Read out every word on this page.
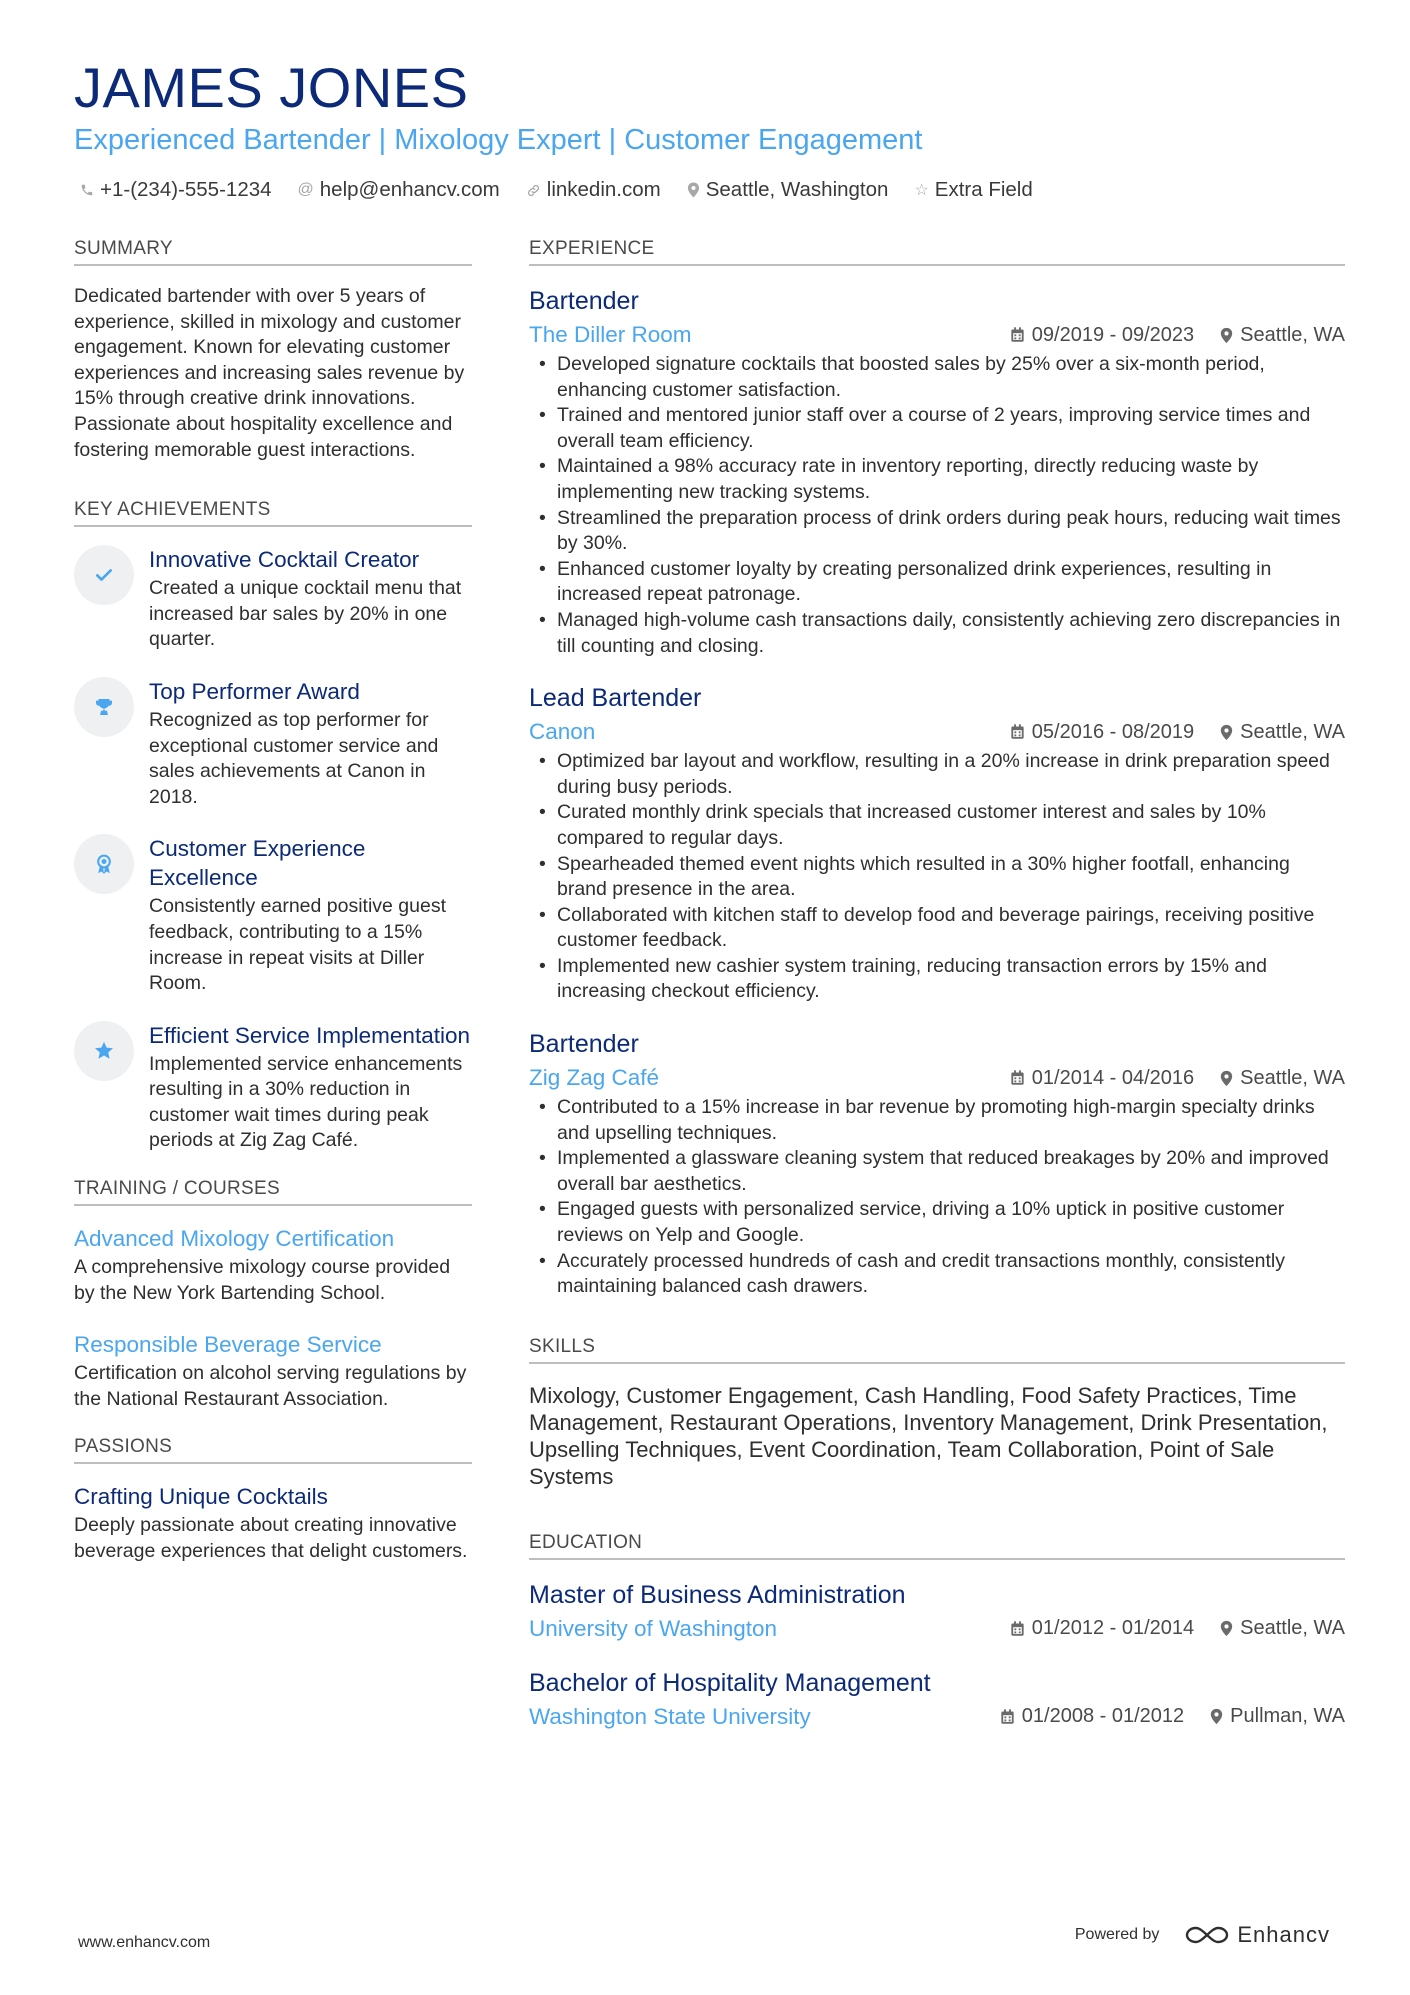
JAMES JONES
Experienced Bartender | Mixology Expert | Customer Engagement
+1-(234)-555-1234 @ help@enhancv.com linkedin.com Seattle, Washington ☆ Extra Field
SUMMARY

Dedicated bartender with over 5 years of experience, skilled in mixology and customer engagement. Known for elevating customer experiences and increasing sales revenue by 15% through creative drink innovations. Passionate about hospitality excellence and fostering memorable guest interactions.

KEY ACHIEVEMENTS
Innovative Cocktail Creator

Created a unique cocktail menu that increased bar sales by 20% in one quarter.

Top Performer Award

Recognized as top performer for exceptional customer service and sales achievements at Canon in 2018.

Customer Experience Excellence

Consistently earned positive guest feedback, contributing to a 15% increase in repeat visits at Diller Room.

Efficient Service Implementation

Implemented service enhancements resulting in a 30% reduction in customer wait times during peak periods at Zig Zag Café.

TRAINING / COURSES
Advanced Mixology Certification

A comprehensive mixology course provided by the New York Bartending School.

Responsible Beverage Service

Certification on alcohol serving regulations by the National Restaurant Association.

PASSIONS
Crafting Unique Cocktails

Deeply passionate about creating innovative beverage experiences that delight customers.

EXPERIENCE
Bartender
The Diller Room	09/2019 - 09/2023 Seattle, WA
• Developed signature cocktails that boosted sales by 25% over a six-month period, enhancing customer satisfaction.
• Trained and mentored junior staff over a course of 2 years, improving service times and overall team efficiency.
• Maintained a 98% accuracy rate in inventory reporting, directly reducing waste by implementing new tracking systems.
• Streamlined the preparation process of drink orders during peak hours, reducing wait times by 30%.
• Enhanced customer loyalty by creating personalized drink experiences, resulting in increased repeat patronage.
• Managed high-volume cash transactions daily, consistently achieving zero discrepancies in till counting and closing.
Lead Bartender
Canon	05/2016 - 08/2019 Seattle, WA
• Optimized bar layout and workflow, resulting in a 20% increase in drink preparation speed during busy periods.
• Curated monthly drink specials that increased customer interest and sales by 10% compared to regular days.
• Spearheaded themed event nights which resulted in a 30% higher footfall, enhancing brand presence in the area.
• Collaborated with kitchen staff to develop food and beverage pairings, receiving positive customer feedback.
• Implemented new cashier system training, reducing transaction errors by 15% and increasing checkout efficiency.
Bartender
Zig Zag Café	01/2014 - 04/2016 Seattle, WA
• Contributed to a 15% increase in bar revenue by promoting high-margin specialty drinks and upselling techniques.
• Implemented a glassware cleaning system that reduced breakages by 20% and improved overall bar aesthetics.
• Engaged guests with personalized service, driving a 10% uptick in positive customer reviews on Yelp and Google.
• Accurately processed hundreds of cash and credit transactions monthly, consistently maintaining balanced cash drawers.
SKILLS

Mixology, Customer Engagement, Cash Handling, Food Safety Practices, Time Management, Restaurant Operations, Inventory Management, Drink Presentation, Upselling Techniques, Event Coordination, Team Collaboration, Point of Sale Systems

EDUCATION
Master of Business Administration
University of Washington	01/2012 - 01/2014 Seattle, WA
Bachelor of Hospitality Management
Washington State University	01/2008 - 01/2012 Pullman, WA
www.enhancv.com	Powered by	Enhancv
